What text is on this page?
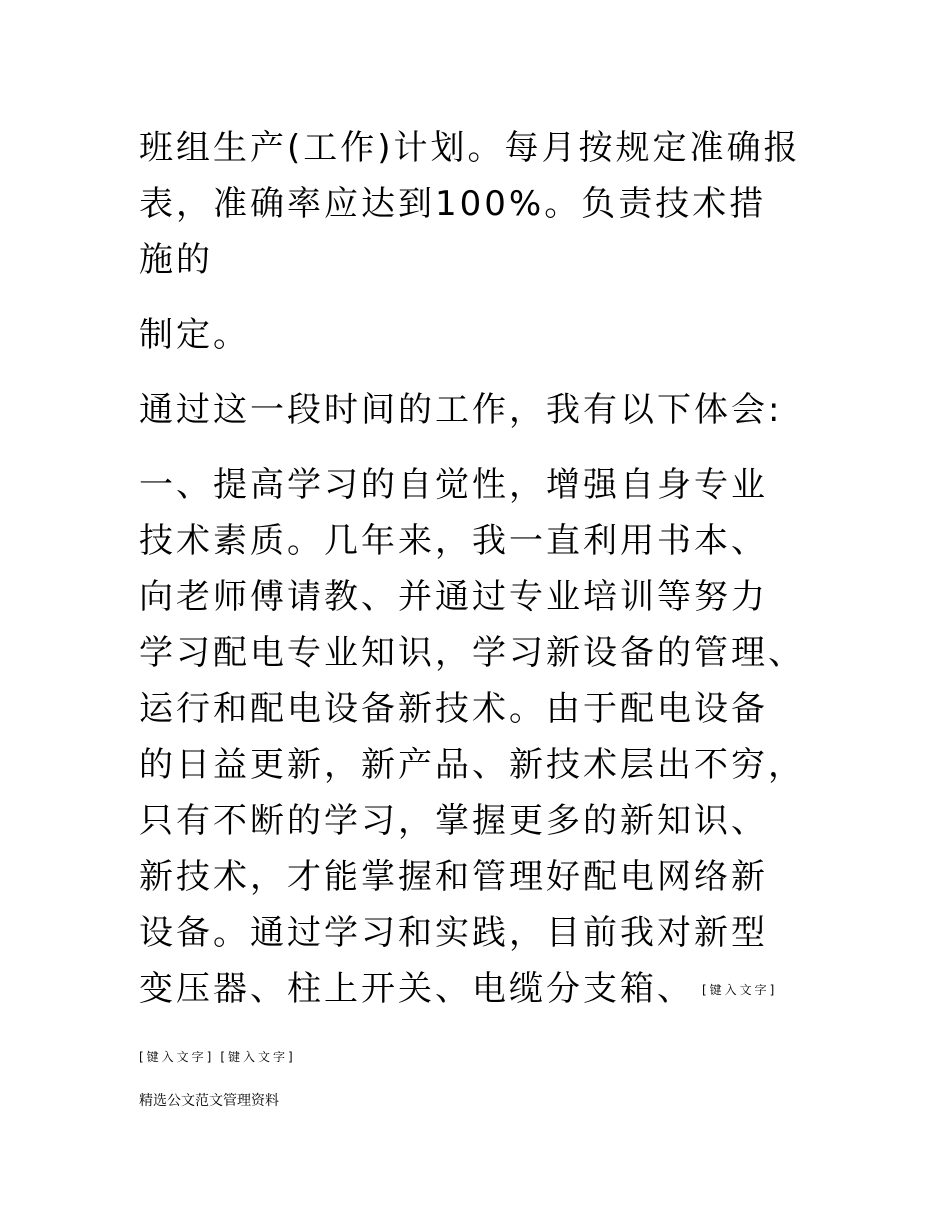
班组生产(工作)计划。每月按规定准确报
表，准确率应达到100%。负责技术措
施的
制定。
通过这一段时间的工作，我有以下体会:
一、提高学习的自觉性，增强自身专业
技术素质。几年来，我一直利用书本、
向老师傅请教、并通过专业培训等努力
学习配电专业知识，学习新设备的管理、
运行和配电设备新技术。由于配电设备
的日益更新，新产品、新技术层出不穷，
只有不断的学习，掌握更多的新知识、
新技术，才能掌握和管理好配电网络新
设备。通过学习和实践，目前我对新型
变压器、柱上开关、电缆分支箱、 [键入文字]
[键入文字] [键入文字]
精选公文范文管理资料
